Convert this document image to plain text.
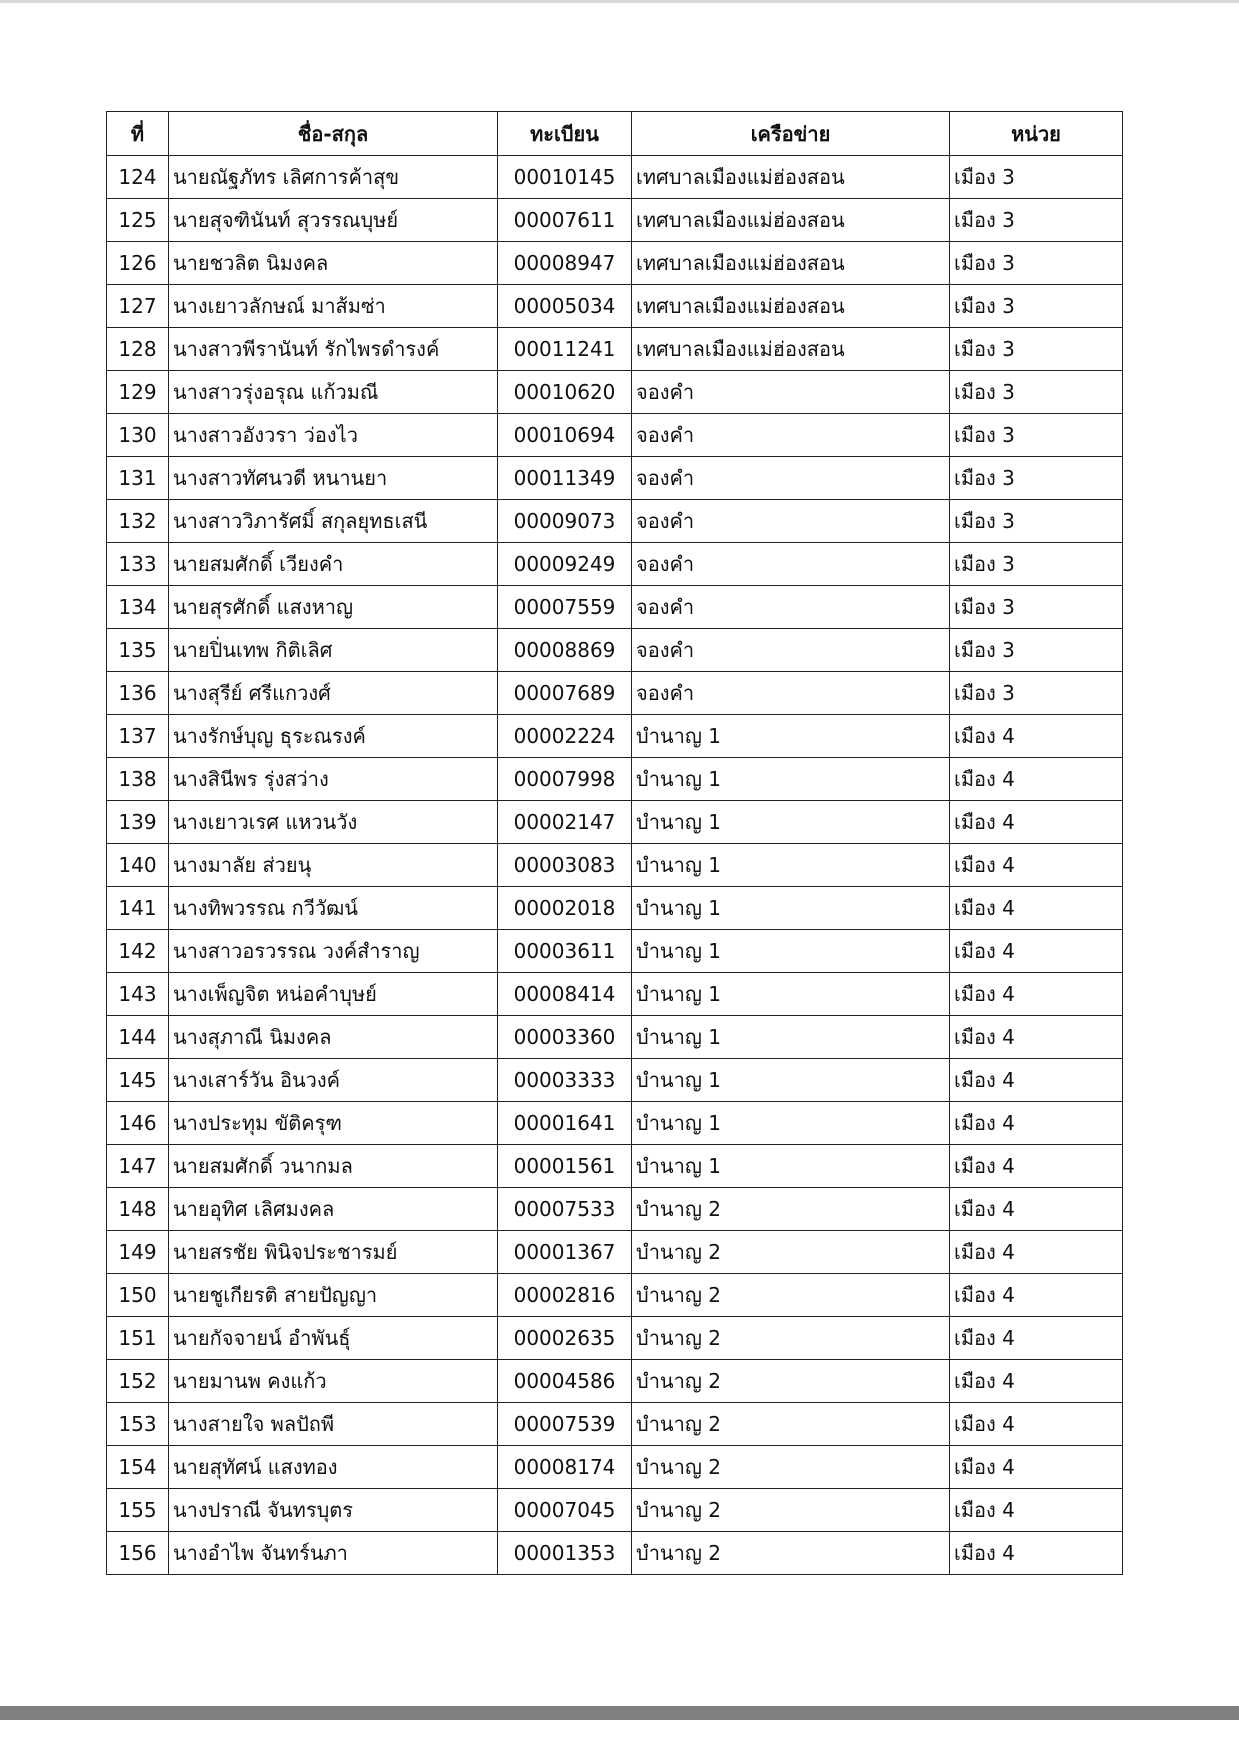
ที่	ชื่อ-สกุล	ทะเบียน	เครือข่าย	หน่วย
124	นายณัฐภัทร เลิศการค้าสุข	00010145	เทศบาลเมืองแม่ฮ่องสอน	เมือง 3
125	นายสุจฑินันท์ สุวรรณบุษย์	00007611	เทศบาลเมืองแม่ฮ่องสอน	เมือง 3
126	นายชวลิต นิมงคล	00008947	เทศบาลเมืองแม่ฮ่องสอน	เมือง 3
127	นางเยาวลักษณ์ มาส้มซ่า	00005034	เทศบาลเมืองแม่ฮ่องสอน	เมือง 3
128	นางสาวพีรานันท์ รักไพรดำรงค์	00011241	เทศบาลเมืองแม่ฮ่องสอน	เมือง 3
129	นางสาวรุ่งอรุณ แก้วมณี	00010620	จองคำ	เมือง 3
130	นางสาวอังวรา ว่องไว	00010694	จองคำ	เมือง 3
131	นางสาวทัศนวดี หนานยา	00011349	จองคำ	เมือง 3
132	นางสาววิภารัศมิ์ สกุลยุทธเสนี	00009073	จองคำ	เมือง 3
133	นายสมศักดิ์ เวียงคำ	00009249	จองคำ	เมือง 3
134	นายสุรศักดิ์ แสงหาญ	00007559	จองคำ	เมือง 3
135	นายปิ่นเทพ กิติเลิศ	00008869	จองคำ	เมือง 3
136	นางสุรีย์ ศรีแกวงศ์	00007689	จองคำ	เมือง 3
137	นางรักษ์บุญ ธุระณรงค์	00002224	บำนาญ 1	เมือง 4
138	นางสินีพร รุ่งสว่าง	00007998	บำนาญ 1	เมือง 4
139	นางเยาวเรศ แหวนวัง	00002147	บำนาญ 1	เมือง 4
140	นางมาลัย ส่วยนุ	00003083	บำนาญ 1	เมือง 4
141	นางทิพวรรณ กวีวัฒน์	00002018	บำนาญ 1	เมือง 4
142	นางสาวอรวรรณ วงค์สำราญ	00003611	บำนาญ 1	เมือง 4
143	นางเพ็ญจิต หน่อคำบุษย์	00008414	บำนาญ 1	เมือง 4
144	นางสุภาณี นิมงคล	00003360	บำนาญ 1	เมือง 4
145	นางเสาร์วัน อินวงค์	00003333	บำนาญ 1	เมือง 4
146	นางประทุม ขัติครุฑ	00001641	บำนาญ 1	เมือง 4
147	นายสมศักดิ์ วนากมล	00001561	บำนาญ 1	เมือง 4
148	นายอุทิศ เลิศมงคล	00007533	บำนาญ 2	เมือง 4
149	นายสรชัย พินิจประชารมย์	00001367	บำนาญ 2	เมือง 4
150	นายชูเกียรติ สายปัญญา	00002816	บำนาญ 2	เมือง 4
151	นายกัจจายน์ อำพันธุ์	00002635	บำนาญ 2	เมือง 4
152	นายมานพ คงแก้ว	00004586	บำนาญ 2	เมือง 4
153	นางสายใจ พลปัถพี	00007539	บำนาญ 2	เมือง 4
154	นายสุทัศน์ แสงทอง	00008174	บำนาญ 2	เมือง 4
155	นางปราณี จันทรบุตร	00007045	บำนาญ 2	เมือง 4
156	นางอำไพ จันทร์นภา	00001353	บำนาญ 2	เมือง 4
